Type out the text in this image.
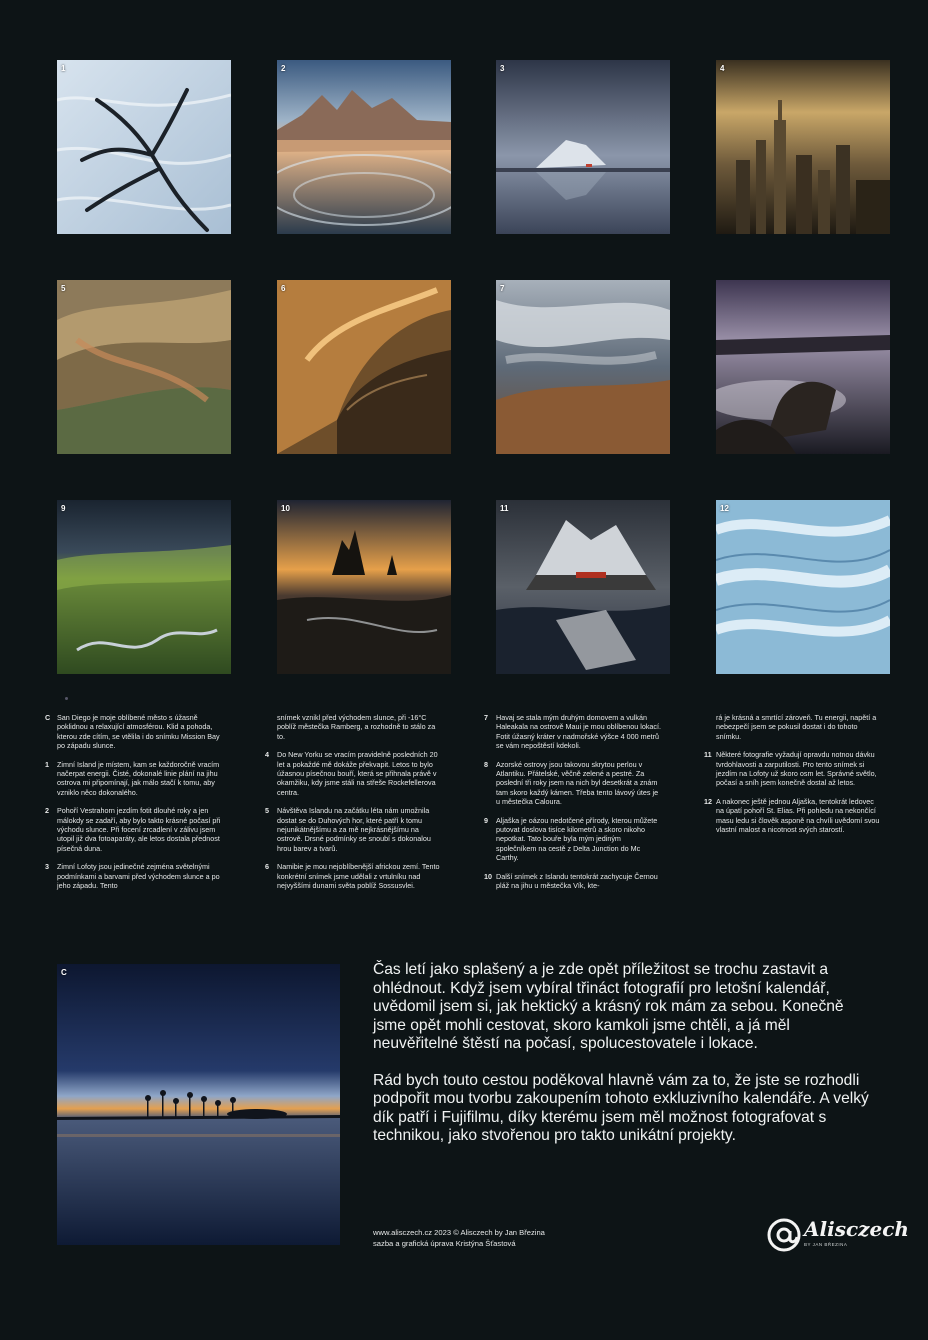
1	2	3	4
5	6	7
9	10	11	12
C San Diego je moje oblíbené město s úžasně poklidnou a relaxující atmosférou. Klid a pohoda, kterou zde cítím, se vtělila i do snímku Mission Bay po západu slunce.
1	Zimní Island je místem, kam se každoročně vracím načerpat energii. Čisté, dokonalé linie plání na jihu ostrova mi připomínají, jak málo stačí k tomu, aby vzniklo něco dokonalého.
2	Pohoří Vestrahorn jezdím fotit dlouhé roky a jen málokdy se zadaří, aby bylo takto krásné počasí při východu slunce. Při focení zrcadlení v zálivu jsem utopil již dva fotoaparáty, ale letos dostala přednost písečná duna.
3	Zimní Lofoty jsou jedinečné zejména světelnými podmínkami a barvami před východem slunce a po jeho západu. Tento
snímek vznikl před východem slunce, při -16°C poblíž městečka Ramberg, a rozhodně to stálo za to.
4	Do New Yorku se vracím pravidelně posledních 20 let a pokaždé mě dokáže překvapit. Letos to bylo úžasnou písečnou bouří, která se přihnala právě v okamžiku, kdy jsme stáli na střeše Rockefellerova centra.
5	Návštěva Islandu na začátku léta nám umožnila dostat se do Duhových hor, které patří k tomu nejunikátnějšímu a za mě nejkrásnějšímu na ostrově. Drsné podmínky se snoubí s dokonalou hrou barev a tvarů.
6	Namibie je mou nejoblíbenější africkou zemí. Tento konkrétní snímek jsme udělali z vrtulníku nad nejvyššími dunami světa poblíž Sossusvlei.
7	Havaj se stala mým druhým domovem a vulkán Haleakala na ostrově Maui je mou oblíbenou lokací. Fotit úžasný kráter v nadmořské výšce 4 000 metrů se vám nepoštěstí kdekoli.
8	Azorské ostrovy jsou takovou skrytou perlou v Atlantiku. Přátelské, věčně zelené a pestré. Za poslední tři roky jsem na nich byl desetkrát a znám tam skoro každý kámen. Třeba tento lávový útes je u městečka Caloura.
9	Aljaška je oázou nedotčené přírody, kterou můžete putovat doslova tisíce kilometrů a skoro nikoho nepotkat. Tato bouře byla mým jediným společníkem na cestě z Delta Junction do Mc Carthy.
10 Další snímek z Islandu tentokrát zachycuje Černou pláž na jihu u městečka Vík, kte-
rá je krásná a smrtící zároveň. Tu energii, napětí a nebezpečí jsem se pokusil dostat i do tohoto snímku.
11 Některé fotografie vyžadují opravdu notnou dávku tvrdohlavosti a zarputilosti. Pro tento snímek si jezdím na Lofoty už skoro osm let. Správné světlo, počasí a sníh jsem konečně dostal až letos.
12 A nakonec ještě jednou Aljaška, tentokrát ledovec na úpatí pohoří St. Elias. Při pohledu na nekončící masu ledu si člověk asponě na chvíli uvědomí svou vlastní malost a nicotnost svých starostí.
C	Čas letí jako splašený a je zde opět příležitost se trochu zastavit a ohlédnout. Když jsem vybíral třináct fotografií pro letošní kalendář, uvědomil jsem si, jak hektický a krásný rok mám za sebou. Konečně jsme opět mohli cestovat, skoro kamkoli jsme chtěli, a já měl neuvěřitelné štěstí na počasí, spolucestovatele i lokace.

Rád bych touto cestou poděkoval hlavně vám za to, že jste se rozhodli podpořit mou tvorbu zakoupením tohoto exkluzivního kalendáře. A velký dík patří i Fujifilmu, díky kterému jsem měl možnost fotografovat s technikou, jako stvořenou pro takto unikátní projekty.

www.alisczech.cz 2023 © Alisczech by Jan Březina
sazba a grafická úprava Kristýna Šťastová
Alisczech
BY JAN BŘEZINA
